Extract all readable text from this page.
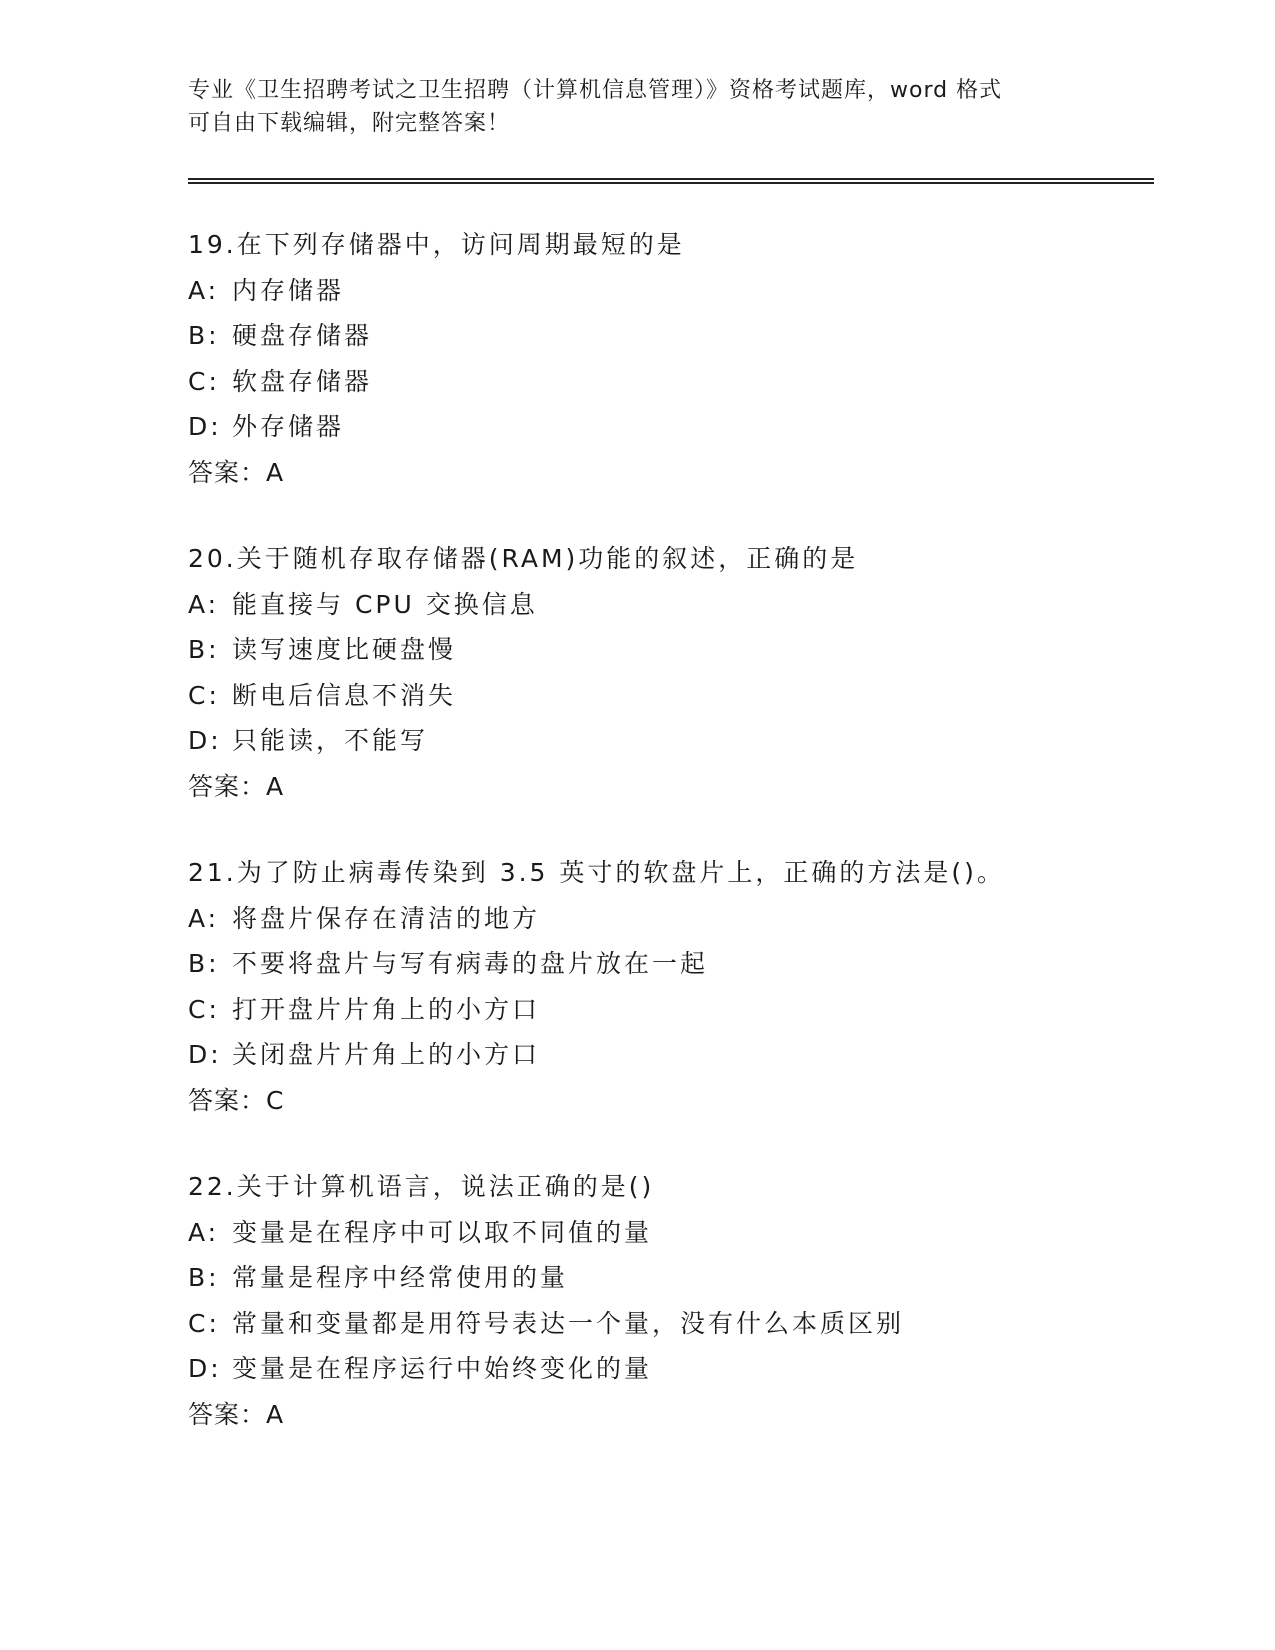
专业《卫生招聘考试之卫生招聘（计算机信息管理）》资格考试题库，word 格式
可自由下载编辑，附完整答案！
19.在下列存储器中，访问周期最短的是
A: 内存储器
B: 硬盘存储器
C: 软盘存储器
D: 外存储器
答案：A
20.关于随机存取存储器(RAM)功能的叙述，正确的是
A: 能直接与 CPU 交换信息
B: 读写速度比硬盘慢
C: 断电后信息不消失
D: 只能读，不能写
答案：A
21.为了防止病毒传染到 3.5 英寸的软盘片上，正确的方法是()。
A: 将盘片保存在清洁的地方
B: 不要将盘片与写有病毒的盘片放在一起
C: 打开盘片片角上的小方口
D: 关闭盘片片角上的小方口
答案：C
22.关于计算机语言，说法正确的是()
A: 变量是在程序中可以取不同值的量
B: 常量是程序中经常使用的量
C: 常量和变量都是用符号表达一个量，没有什么本质区别
D: 变量是在程序运行中始终变化的量
答案：A
